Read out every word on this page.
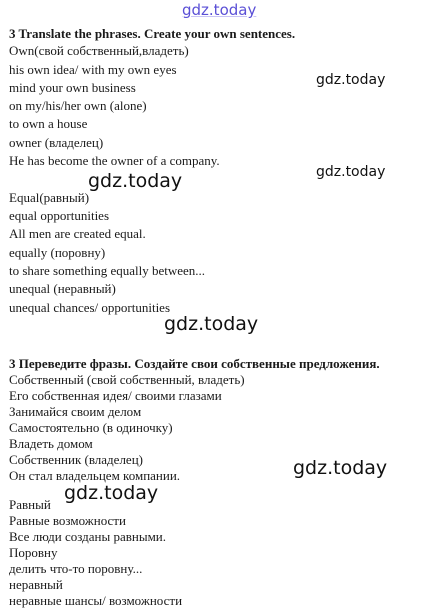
gdz.today
3 Translate the phrases. Create your own sentences.
Own(свой собственный,владеть)
his own idea/ with my own eyes
mind your own business
on my/his/her own (alone)
to own a house
owner (владелец)
He has become the owner of a company.
Equal(равный)
equal opportunities
All men are created equal.
equally (поровну)
to share something equally between...
unequal (неравный)
unequal chances/ opportunities
3 Переведите фразы. Создайте свои собственные предложения.
Собственный (свой собственный, владеть)
Его собственная идея/ своими глазами
Занимайся своим делом
Самостоятельно (в одиночку)
Владеть домом
Собственник (владелец)
Он стал владельцем компании.
Равный
Равные возможности
Все люди созданы равными.
Поровну
делить что-то поровну...
неравный
неравные шансы/ возможности
gdz.today
gdz.today
gdz.today
gdz.today
gdz.today
gdz.today
